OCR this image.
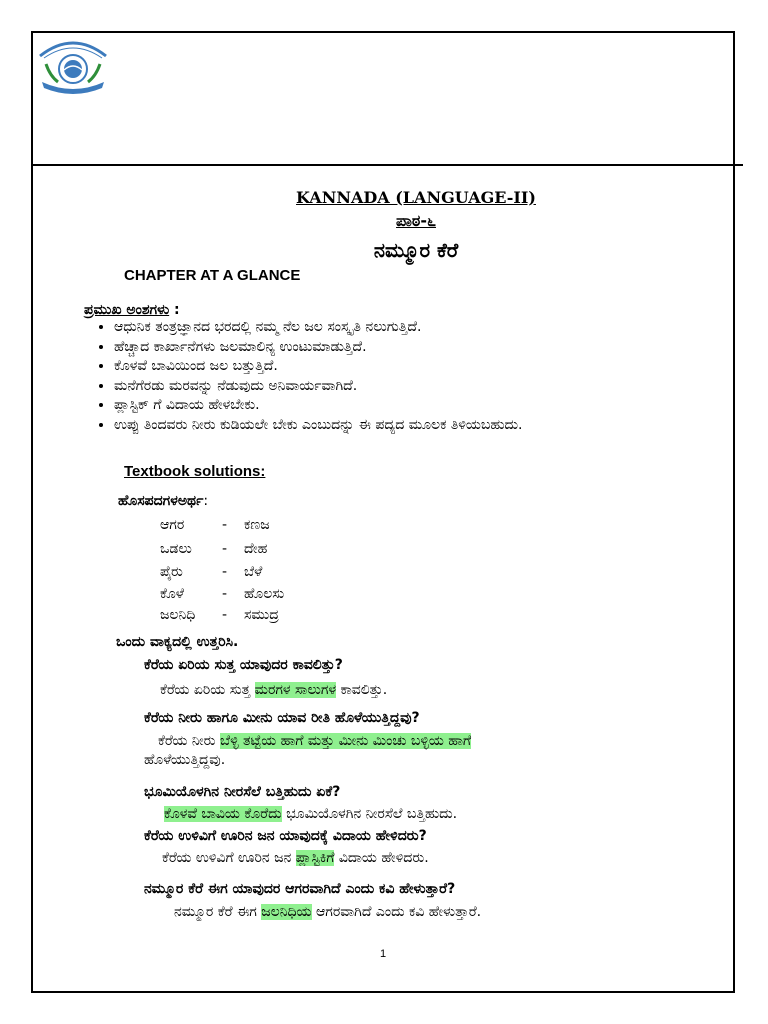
KANNADA (LANGUAGE-II)
ಪಾಠ-೬
ನಮ್ಮೂರ ಕೆರೆ
CHAPTER AT A GLANCE
ಪ್ರಮುಖ ಅಂಶಗಳು :
• ಆಧುನಿಕ ತಂತ್ರಜ್ಞಾನದ ಭರದಲ್ಲಿ ನಮ್ಮ ನೆಲ ಜಲ ಸಂಸ್ಕೃತಿ ನಲುಗುತ್ತಿದೆ.
• ಹೆಚ್ಚಾದ ಕಾರ್ಖಾನೆಗಳು ಜಲಮಾಲಿನ್ಯ ಉಂಟುಮಾಡುತ್ತಿದೆ.
• ಕೊಳವೆ ಬಾವಿಯಿಂದ ಜಲ ಬತ್ತುತ್ತಿದೆ.
• ಮನೆಗೆರಡು ಮರವನ್ನು ನೆಡುವುದು ಅನಿವಾರ್ಯವಾಗಿದೆ.
• ಪ್ಲಾಸ್ಟಿಕ್ ಗೆ ವಿದಾಯ ಹೇಳಬೇಕು.
• ಉಪ್ಪು ತಿಂದವರು ನೀರು ಕುಡಿಯಲೇ ಬೇಕು ಎಂಬುದನ್ನು ಈ ಪದ್ಯದ ಮೂಲಕ ತಿಳಿಯಬಹುದು.
Textbook solutions:
ಹೊಸಪದಗಳಅರ್ಥ:
ಆಗರ	- ಕಣಜ
ಒಡಲು - ದೇಹ
ಪೈರು	- ಬೆಳೆ
ಕೊಳೆ	- ಹೊಲಸು
ಜಲನಿಧಿ - ಸಮುದ್ರ
ಒಂದು ವಾಕ್ಯದಲ್ಲಿ ಉತ್ತರಿಸಿ.
ಕೆರೆಯ ಏರಿಯ ಸುತ್ತ ಯಾವುದರ ಕಾವಲಿತ್ತು?
ಕೆರೆಯ ಏರಿಯ ಸುತ್ತ ಮರಗಳ ಸಾಲುಗಳ ಕಾವಲಿತ್ತು.
ಕೆರೆಯ ನೀರು ಹಾಗೂ ಮೀನು ಯಾವ ರೀತಿ ಹೊಳೆಯುತ್ತಿದ್ದವು?
ಕೆರೆಯ ನೀರು ಬೆಳ್ಳಿ ತಟ್ಟೆಯ ಹಾಗೆ ಮತ್ತು ಮೀನು ಮಿಂಚು ಬಳ್ಳಿಯ ಹಾಗೆ
ಹೊಳೆಯುತ್ತಿದ್ದವು.
ಭೂಮಿಯೊಳಗಿನ ನೀರಸೆಲೆ ಬತ್ತಿಹುದು ಏಕೆ?
ಕೊಳವೆ ಬಾವಿಯ ಕೊರೆದು ಭೂಮಿಯೊಳಗಿನ ನೀರಸೆಲೆ ಬತ್ತಿಹುದು.
ಕೆರೆಯ ಉಳಿವಿಗೆ ಊರಿನ ಜನ ಯಾವುದಕ್ಕೆ ವಿದಾಯ ಹೇಳಿದರು?
ಕೆರೆಯ ಉಳಿವಿಗೆ ಊರಿನ ಜನ ಪ್ಲಾಸ್ಟಿಕಿಗೆ ವಿದಾಯ ಹೇಳಿದರು.
ನಮ್ಮೂರ ಕೆರೆ ಈಗ ಯಾವುದರ ಆಗರವಾಗಿದೆ ಎಂದು ಕವಿ ಹೇಳುತ್ತಾರೆ?
ನಮ್ಮೂರ ಕೆರೆ ಈಗ ಜಲನಿಧಿಯ ಆಗರವಾಗಿದೆ ಎಂದು ಕವಿ ಹೇಳುತ್ತಾರೆ.
1
